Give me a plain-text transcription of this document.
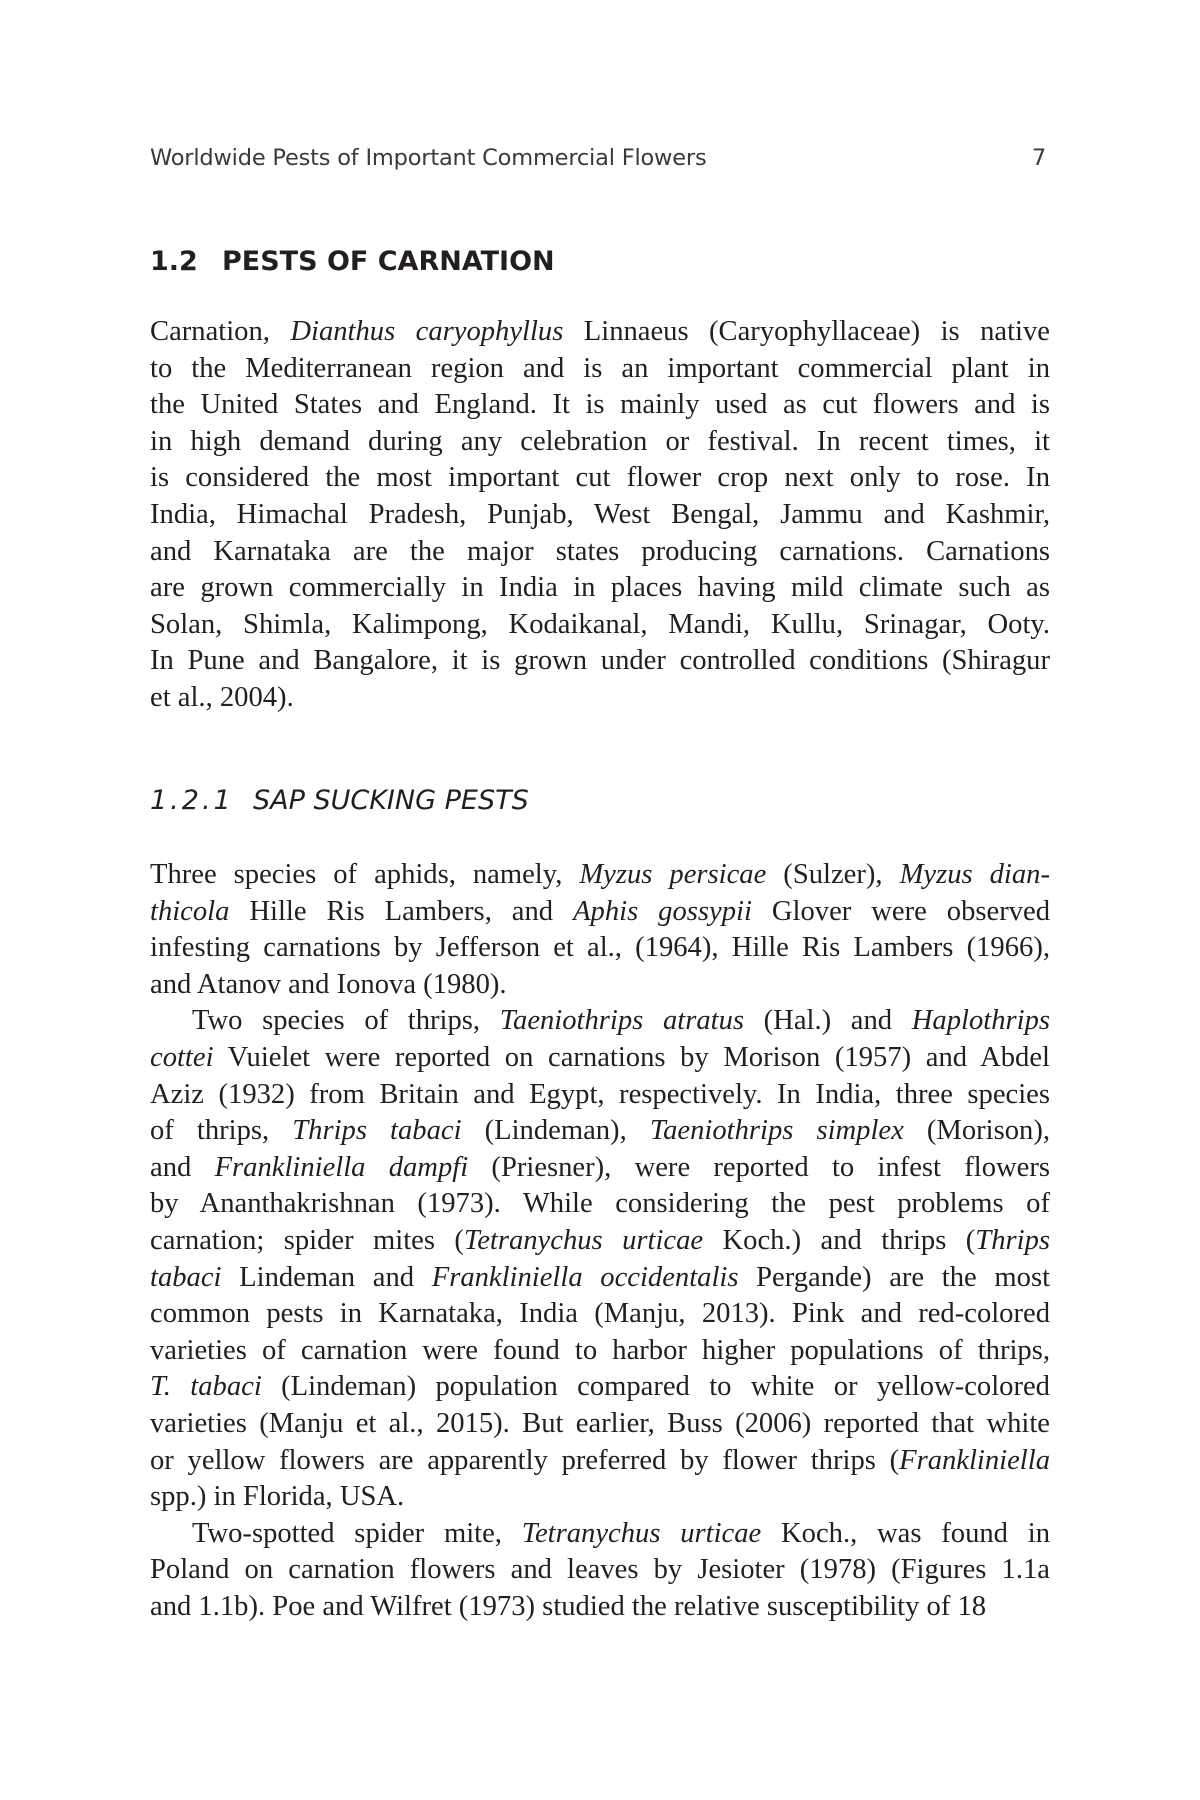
Worldwide Pests of Important Commercial Flowers	7
1.2 PESTS OF CARNATION
Carnation, Dianthus caryophyllus Linnaeus (Caryophyllaceae) is native
to the Mediterranean region and is an important commercial plant in
the United States and England. It is mainly used as cut flowers and is
in high demand during any celebration or festival. In recent times, it
is considered the most important cut flower crop next only to rose. In
India, Himachal Pradesh, Punjab, West Bengal, Jammu and Kashmir,
and Karnataka are the major states producing carnations. Carnations
are grown commercially in India in places having mild climate such as
Solan, Shimla, Kalimpong, Kodaikanal, Mandi, Kullu, Srinagar, Ooty.
In Pune and Bangalore, it is grown under controlled conditions (Shiragur
et al., 2004).
1.2.1 SAP SUCKING PESTS
Three species of aphids, namely, Myzus persicae (Sulzer), Myzus dian-
thicola Hille Ris Lambers, and Aphis gossypii Glover were observed
infesting carnations by Jefferson et al., (1964), Hille Ris Lambers (1966),
and Atanov and Ionova (1980).
Two species of thrips, Taeniothrips atratus (Hal.) and Haplothrips
cottei Vuielet were reported on carnations by Morison (1957) and Abdel
Aziz (1932) from Britain and Egypt, respectively. In India, three species
of thrips, Thrips tabaci (Lindeman), Taeniothrips simplex (Morison),
and Frankliniella dampfi (Priesner), were reported to infest flowers
by Ananthakrishnan (1973). While considering the pest problems of
carnation; spider mites (Tetranychus urticae Koch.) and thrips (Thrips
tabaci Lindeman and Frankliniella occidentalis Pergande) are the most
common pests in Karnataka, India (Manju, 2013). Pink and red-colored
varieties of carnation were found to harbor higher populations of thrips,
T. tabaci (Lindeman) population compared to white or yellow-colored
varieties (Manju et al., 2015). But earlier, Buss (2006) reported that white
or yellow flowers are apparently preferred by flower thrips (Frankliniella
spp.) in Florida, USA.
Two-spotted spider mite, Tetranychus urticae Koch., was found in
Poland on carnation flowers and leaves by Jesioter (1978) (Figures 1.1a
and 1.1b). Poe and Wilfret (1973) studied the relative susceptibility of 18
